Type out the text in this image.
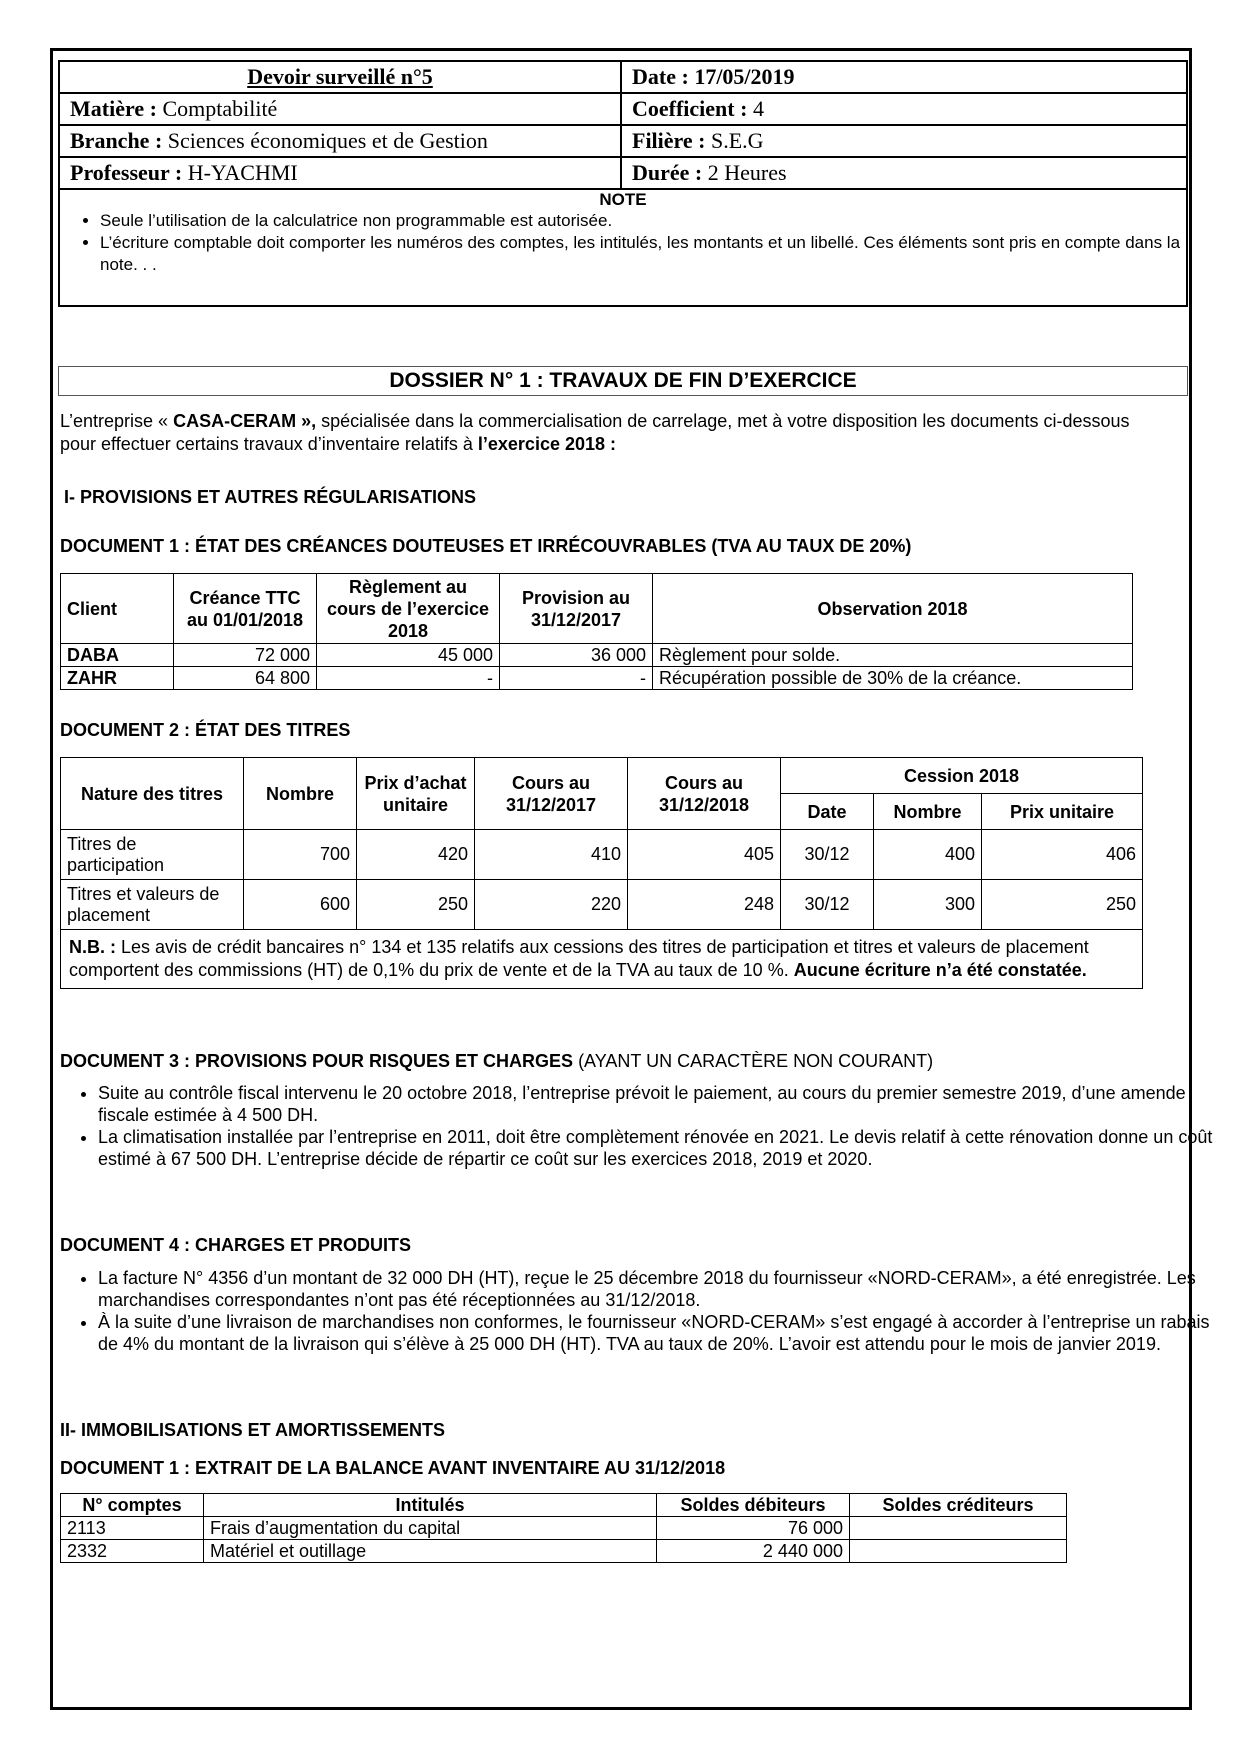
Devoir surveillé n°5	Date : 17/05/2019
Matière : Comptabilité	Coefficient : 4
Branche : Sciences économiques et de Gestion	Filière : S.E.G
Professeur : H-YACHMI	Durée : 2 Heures
NOTE
• Seule l’utilisation de la calculatrice non programmable est autorisée.
• L’écriture comptable doit comporter les numéros des comptes, les intitulés, les montants et un libellé. Ces éléments sont pris en compte dans la note. . .
DOSSIER N° 1 : TRAVAUX DE FIN D’EXERCICE
L’entreprise « CASA-CERAM », spécialisée dans la commercialisation de carrelage, met à votre disposition les documents ci-dessous pour effectuer certains travaux d’inventaire relatifs à l’exercice 2018 :
I- PROVISIONS ET AUTRES RÉGULARISATIONS
DOCUMENT 1 : ÉTAT DES CRÉANCES DOUTEUSES ET IRRÉCOUVRABLES (TVA AU TAUX DE 20%)
Client	Créance TTC au 01/01/2018	Règlement au cours de l’exercice 2018	Provision au 31/12/2017	Observation 2018
DABA	72 000	45 000	36 000	Règlement pour solde.
ZAHR	64 800	-	-	Récupération possible de 30% de la créance.
DOCUMENT 2 : ÉTAT DES TITRES
Nature des titres	Nombre	Prix d’achat unitaire	Cours au 31/12/2017	Cours au 31/12/2018	Cession 2018		
					Date	Nombre	Prix unitaire
Titres de participation	700	420	410	405	30/12	400	406
Titres et valeurs de placement	600	250	220	248	30/12	300	250
N.B. : Les avis de crédit bancaires n° 134 et 135 relatifs aux cessions des titres de participation et titres et valeurs de placement comportent des commissions (HT) de 0,1% du prix de vente et de la TVA au taux de 10 %. Aucune écriture n’a été constatée.							
DOCUMENT 3 : PROVISIONS POUR RISQUES ET CHARGES (AYANT UN CARACTÈRE NON COURANT)
• Suite au contrôle fiscal intervenu le 20 octobre 2018, l’entreprise prévoit le paiement, au cours du premier semestre 2019, d’une amende fiscale estimée à 4 500 DH.
• La climatisation installée par l’entreprise en 2011, doit être complètement rénovée en 2021. Le devis relatif à cette rénovation donne un coût estimé à 67 500 DH. L’entreprise décide de répartir ce coût sur les exercices 2018, 2019 et 2020.
DOCUMENT 4 : CHARGES ET PRODUITS
• La facture N° 4356 d’un montant de 32 000 DH (HT), reçue le 25 décembre 2018 du fournisseur «NORD-CERAM», a été enregistrée. Les marchandises correspondantes n’ont pas été réceptionnées au 31/12/2018.
• À la suite d’une livraison de marchandises non conformes, le fournisseur «NORD-CERAM» s’est engagé à accorder à l’entreprise un rabais de 4% du montant de la livraison qui s’élève à 25 000 DH (HT). TVA au taux de 20%. L’avoir est attendu pour le mois de janvier 2019.
II- IMMOBILISATIONS ET AMORTISSEMENTS
DOCUMENT 1 : EXTRAIT DE LA BALANCE AVANT INVENTAIRE AU 31/12/2018
N° comptes	Intitulés	Soldes débiteurs	Soldes créditeurs
2113	Frais d’augmentation du capital	76 000	
2332	Matériel et outillage	2 440 000	
